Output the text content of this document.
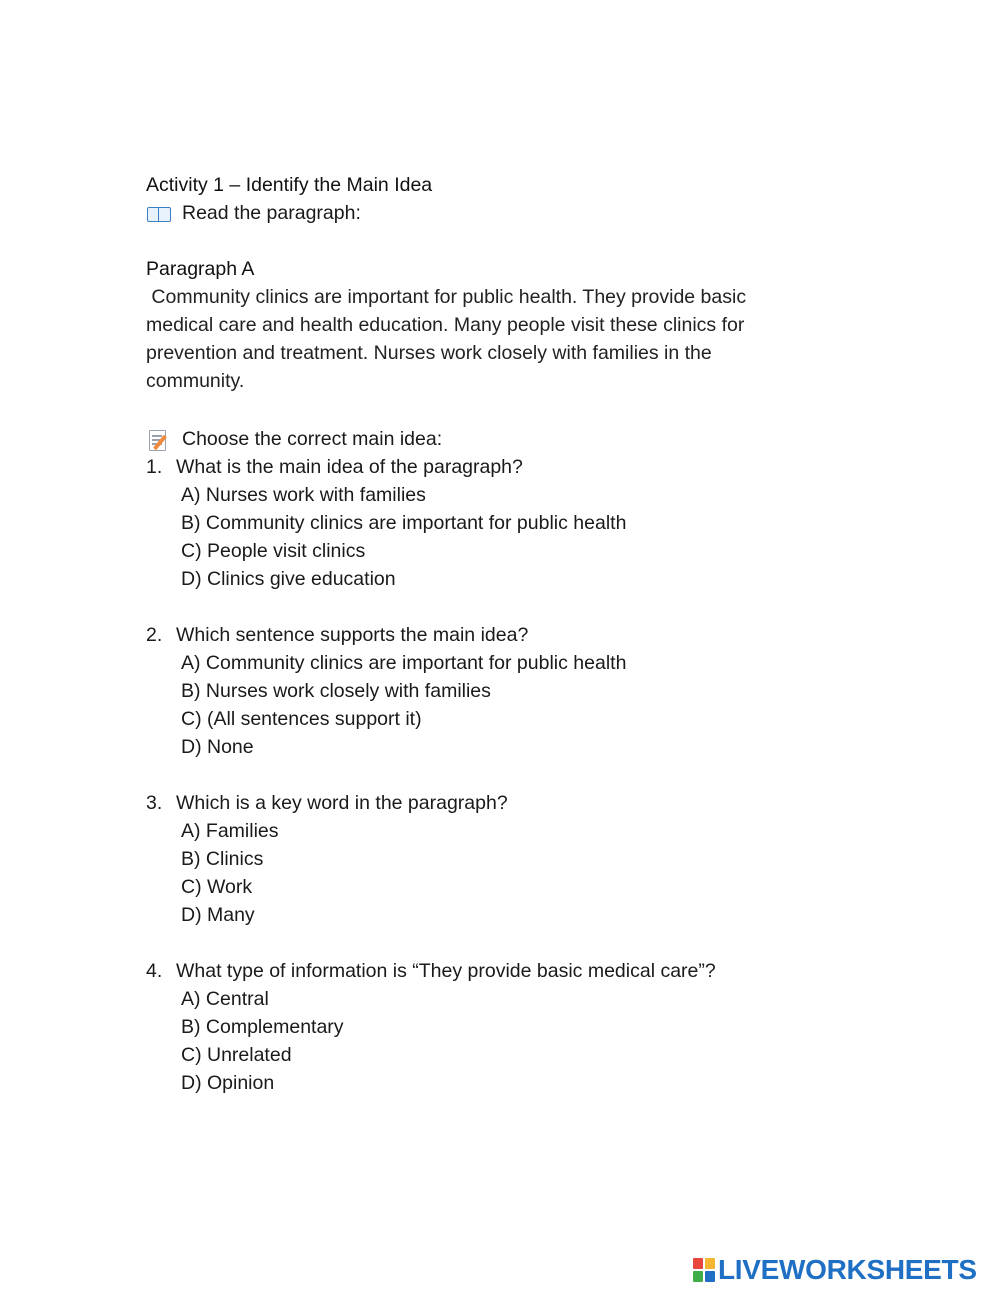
Activity 1 – Identify the Main Idea
Read the paragraph:
Paragraph A
Community clinics are important for public health. They provide basic
medical care and health education. Many people visit these clinics for
prevention and treatment. Nurses work closely with families in the
community.
Choose the correct main idea:
1. What is the main idea of the paragraph?
A) Nurses work with families
B) Community clinics are important for public health
C) People visit clinics
D) Clinics give education
2. Which sentence supports the main idea?
A) Community clinics are important for public health
B) Nurses work closely with families
C) (All sentences support it)
D) None
3. Which is a key word in the paragraph?
A) Families
B) Clinics
C) Work
D) Many
4. What type of information is “They provide basic medical care”?
A) Central
B) Complementary
C) Unrelated
D) Opinion
LIVEWORKSHEETS
